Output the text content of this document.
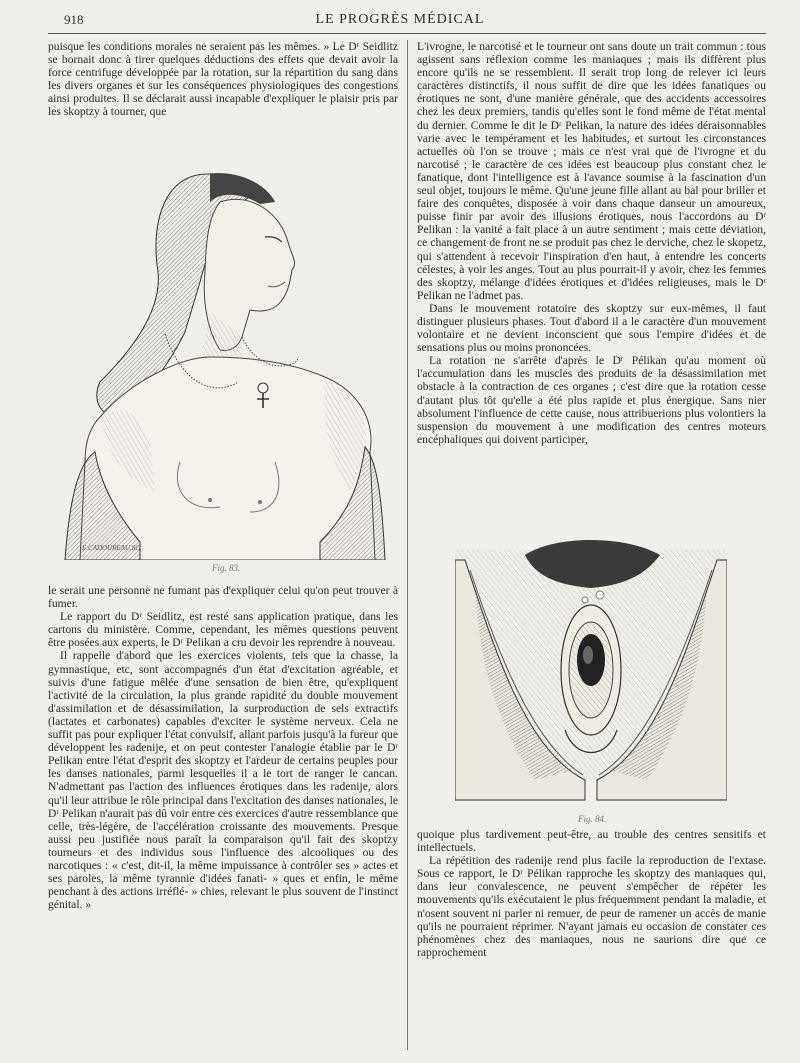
918	LE PROGRÈS MÉDICAL

puisque les conditions morales ne seraient pas les mêmes. » Le Dʳ Seidlitz se bornait donc à tirer quelques déductions des effets que devait avoir la force centrifuge développée par la rotation, sur la répartition du sang dans les divers organes et sur les conséquences physiologiques des congestions ainsi produites. Il se déclarait aussi incapable d'expliquer le plaisir pris par les skoptzy à tourner, que

E.CADOUREAU.SC.
Fig. 83.

le serait une personne ne fumant pas d'expliquer celui qu'on peut trouver à fumer.

Le rapport du Dʳ Seidlitz, est resté sans application pratique, dans les cartons du ministère. Comme, cependant, les mêmes questions peuvent être posées aux experts, le Dʳ Pelikan a cru devoir les reprendre à nouveau.

Il rappelle d'abord que les exercices violents, tels que la chasse, la gymnastique, etc, sont accompagnés d'un état d'excitation agréable, et suivis d'une fatigue mêlée d'une sensation de bien être, qu'expliquent l'activité de la circulation, la plus grande rapidité du double mouvement d'assimilation et de désassimilation, la surproduction de sels extractifs (lactates et carbonates) capables d'exciter le système nerveux. Cela ne suffit pas pour expliquer l'état convulsif, allant parfois jusqu'à la fureur que développent les radenije, et on peut contester l'analogie établie par le Dʳ Pelikan entre l'état d'esprit des skoptzy et l'ardeur de certains peuples pour les danses nationales, parmi lesquelles il a le tort de ranger le cancan. N'admettant pas l'action des influences érotiques dans les radenije, alors qu'il leur attribue le rôle principal dans l'excitation des danses nationales, le Dʳ Pelikan n'aurait pas dû voir entre ces exercices d'autre ressemblance que celle, très-légère, de l'accélération croissante des mouvements. Presque aussi peu justifiée nous paraît la comparaison qu'il fait des skoptzy tourneurs et des individus sous l'influence des alcooliques ou des narcotiques : « c'est, dit-il, la même impuissance à contrôler ses » actes et ses paroles, la même tyrannie d'idées fanati- » ques et enfin, le même penchant à des actions irréflé- » chies, relevant le plus souvent de l'instinct génital. »

L'ivrogne, le narcotisé et le tourneur ont sans doute un trait commun : tous agissent sans réflexion comme les maniaques ; mais ils diffèrent plus encore qu'ils ne se ressemblent. Il serait trop long de relever ici leurs caractères distinctifs, il nous suffit de dire que les idées fanatiques ou érotiques ne sont, d'une manière générale, que des accidents accessoires chez les deux premiers, tandis qu'elles sont le fond même de l'état mental du dernier. Comme le dit le Dʳ Pelikan, la nature des idées déraisonnables varie avec le tempérament et les habitudes, et surtout les circonstances actuelles où l'on se trouve ; mais ce n'est vrai que de l'ivrogne et du narcotisé ; le caractère de ces idées est beaucoup plus constant chez le fanatique, dont l'intelligence est à l'avance soumise à la fascination d'un seul objet, toujours le même. Qu'une jeune fille allant au bal pour briller et faire des conquêtes, disposée à voir dans chaque danseur un amoureux, puisse finir par avoir des illusions érotiques, nous l'accordons au Dʳ Pelikan : la vanité a fait place à un autre sentiment ; mais cette déviation, ce changement de front ne se produit pas chez le derviche, chez le skopetz, qui s'attendent à recevoir l'inspiration d'en haut, à entendre les concerts célestes, à voir les anges. Tout au plus pourrait-il y avoir, chez les femmes des skoptzy, mélange d'idées érotiques et d'idées religieuses, mais le Dʳ Pelikan ne l'admet pas.

Dans le mouvement rotatoire des skoptzy sur eux-mêmes, il faut distinguer plusieurs phases. Tout d'abord il a le caractère d'un mouvement volontaire et ne devient inconscient que sous l'empire d'idées et de sensations plus ou moins prononcées.

La rotation ne s'arrête d'après le Dʳ Pélikan qu'au moment où l'accumulation dans les muscles des produits de la désassimilation met obstacle à la contraction de ces organes ; c'est dire que la rotation cesse d'autant plus tôt qu'elle a été plus rapide et plus énergique. Sans nier absolument l'influence de cette cause, nous attribuerions plus volontiers la suspension du mouvement à une modification des centres moteurs encéphaliques qui doivent participer,

Fig. 84.

quoique plus tardivement peut-être, au trouble des centres sensitifs et intellectuels.

La répétition des radenije rend plus facile la reproduction de l'extase. Sous ce rapport, le Dʳ Pélikan rapproche les skoptzy des maniaques qui, dans leur convalescence, ne peuvent s'empêcher de répéter les mouvements qu'ils exécutaient le plus fréquemment pendant la maladie, et n'osent souvent ni parler ni remuer, de peur de ramener un accès de manie qu'ils ne pourraient réprimer. N'ayant jamais eu occasion de constater ces phénomènes chez des maniaques, nous ne saurions dire que ce rapprochement
